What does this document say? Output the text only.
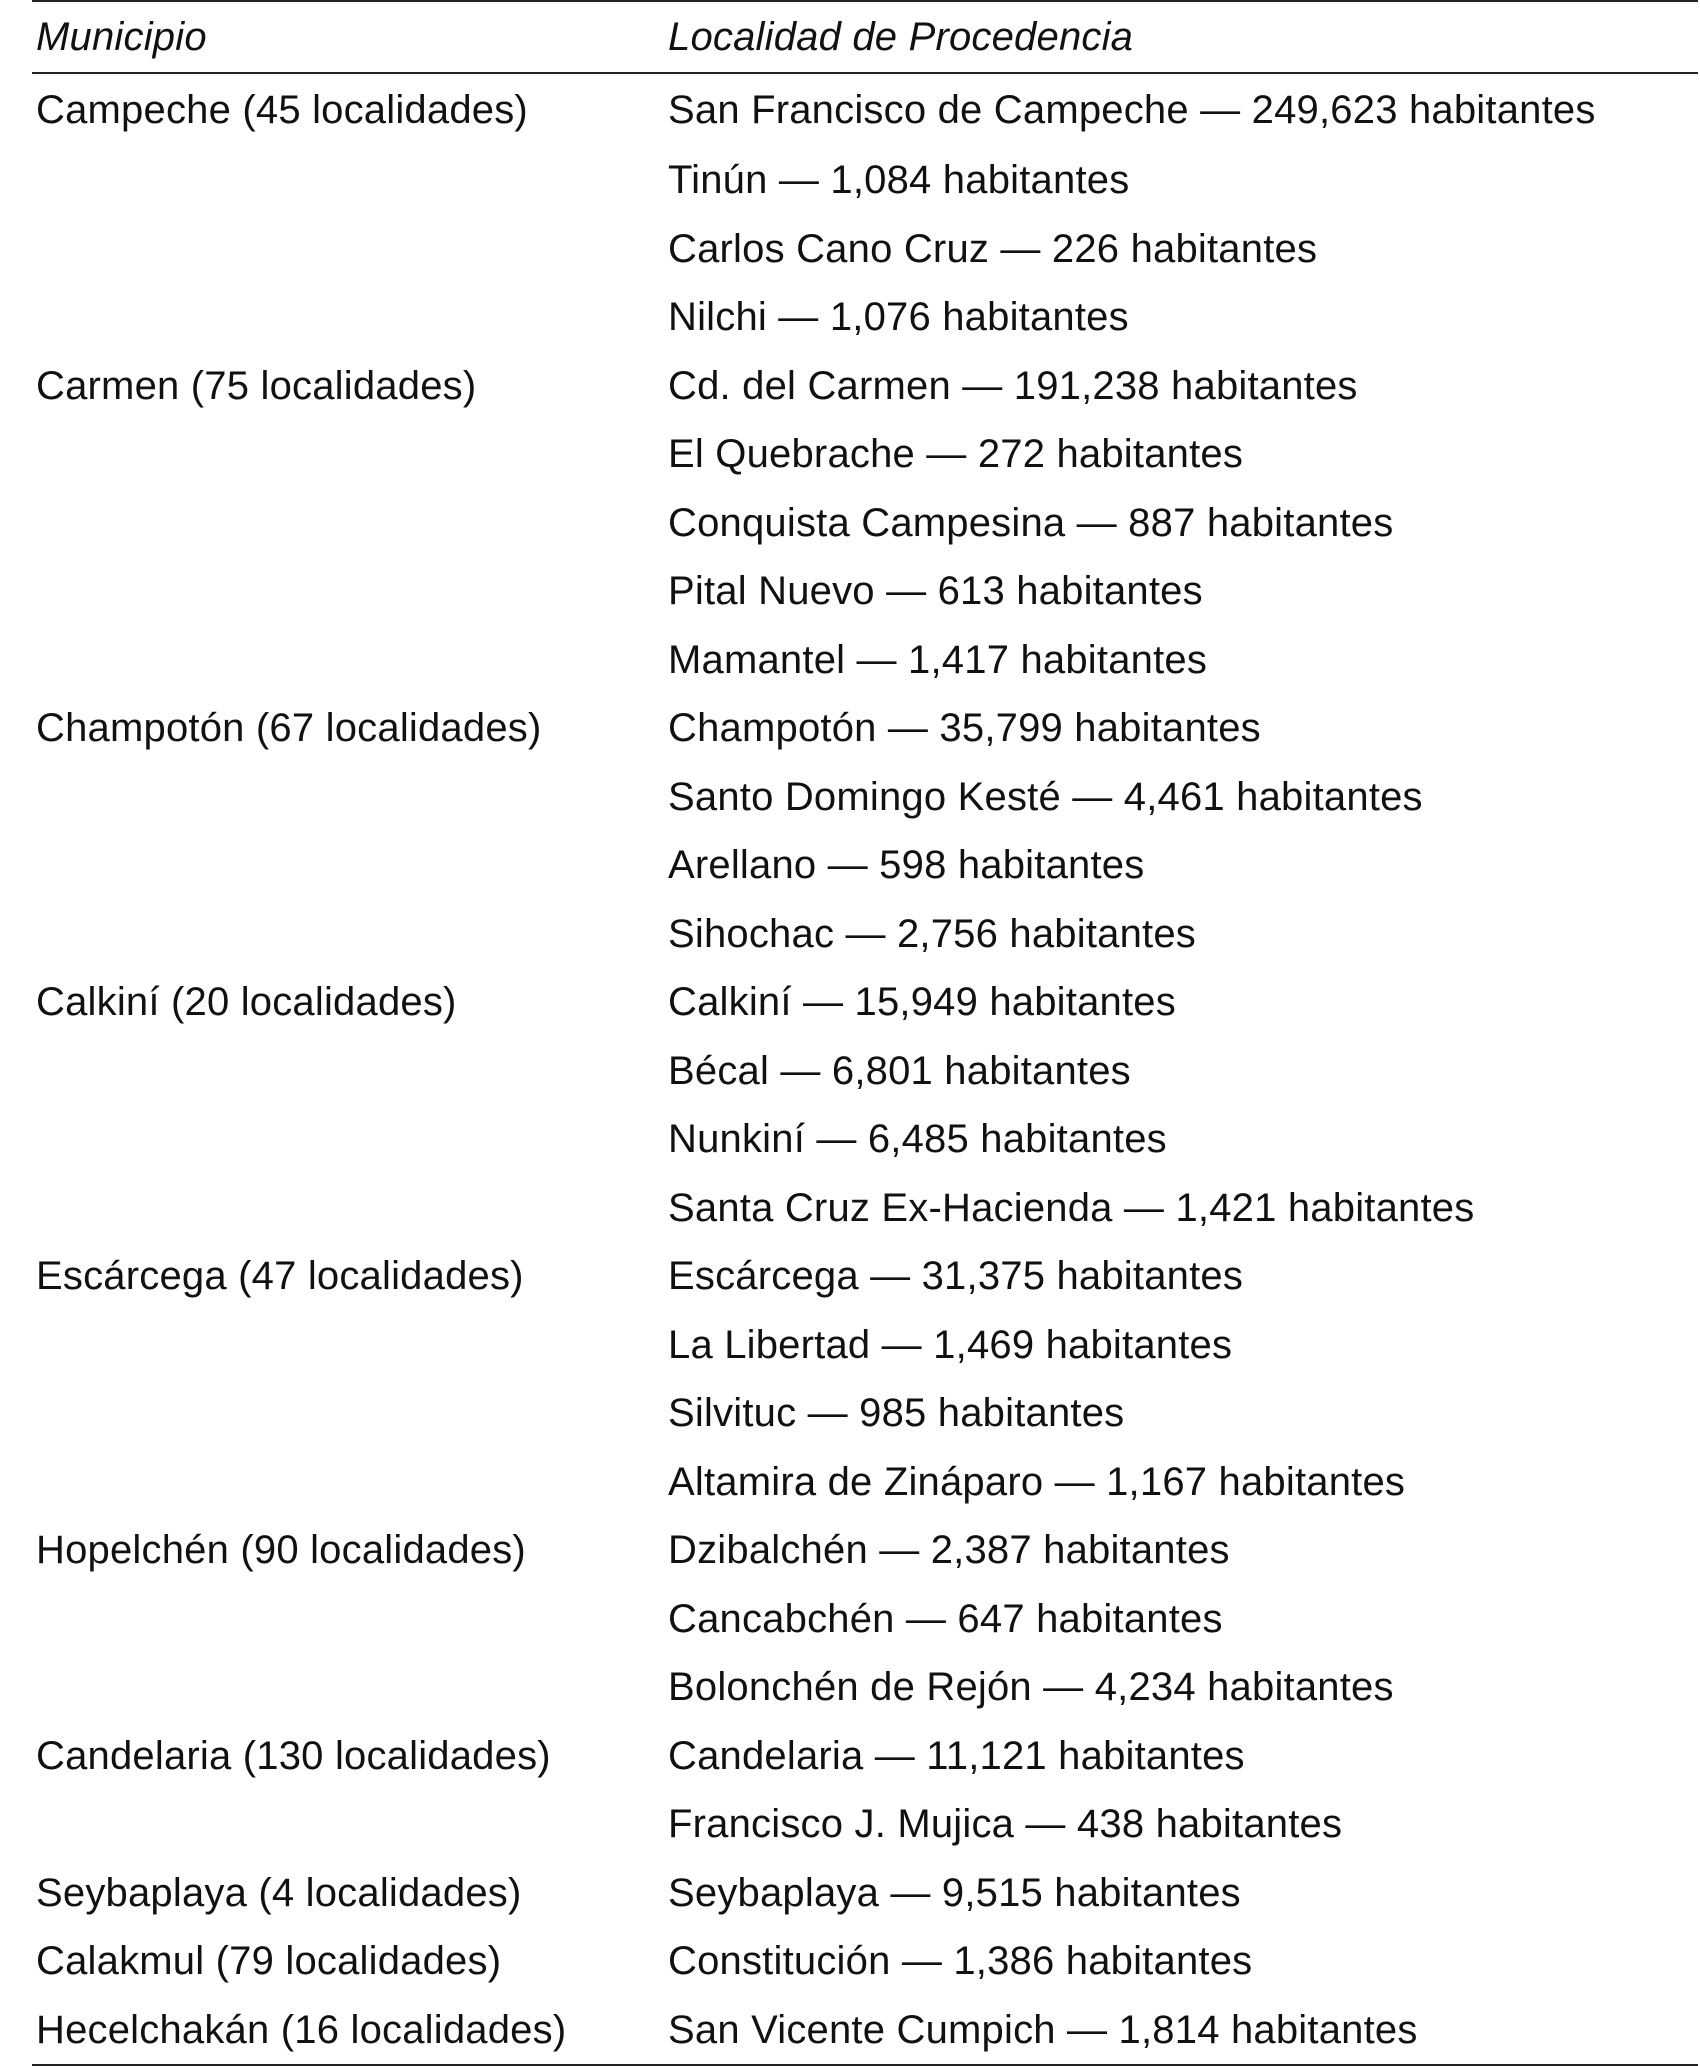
Municipio	Localidad de Procedencia
Campeche (45 localidades)	San Francisco de Campeche — 249,623 habitantes
	Tinún — 1,084 habitantes
	Carlos Cano Cruz — 226 habitantes
	Nilchi — 1,076 habitantes
Carmen (75 localidades)	Cd. del Carmen — 191,238 habitantes
	El Quebrache — 272 habitantes
	Conquista Campesina — 887 habitantes
	Pital Nuevo — 613 habitantes
	Mamantel — 1,417 habitantes
Champotón (67 localidades)	Champotón — 35,799 habitantes
	Santo Domingo Kesté — 4,461 habitantes
	Arellano — 598 habitantes
	Sihochac — 2,756 habitantes
Calkiní (20 localidades)	Calkiní — 15,949 habitantes
	Bécal — 6,801 habitantes
	Nunkiní — 6,485 habitantes
	Santa Cruz Ex-Hacienda — 1,421 habitantes
Escárcega (47 localidades)	Escárcega — 31,375 habitantes
	La Libertad — 1,469 habitantes
	Silvituc — 985 habitantes
	Altamira de Zináparo — 1,167 habitantes
Hopelchén (90 localidades)	Dzibalchén — 2,387 habitantes
	Cancabchén — 647 habitantes
	Bolonchén de Rejón — 4,234 habitantes
Candelaria (130 localidades)	Candelaria — 11,121 habitantes
	Francisco J. Mujica — 438 habitantes
Seybaplaya (4 localidades)	Seybaplaya — 9,515 habitantes
Calakmul (79 localidades)	Constitución — 1,386 habitantes
Hecelchakán (16 localidades)	San Vicente Cumpich — 1,814 habitantes
